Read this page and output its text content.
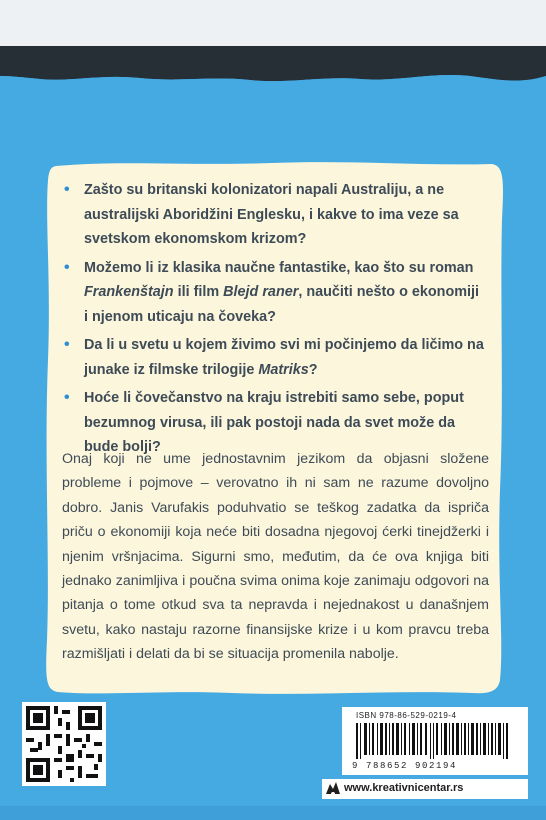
• Zašto su britanski kolonizatori napali Australiju, a ne australijski Aboridžini Englesku, i kakve to ima veze sa svetskom ekonomskom krizom?
• Možemo li iz klasika naučne fantastike, kao što su roman Frankenštajn ili film Blejd raner, naučiti nešto o ekonomiji i njenom uticaju na čoveka?
• Da li u svetu u kojem živimo svi mi počinjemo da ličimo na junake iz filmske trilogije Matriks?
• Hoće li čovečanstvo na kraju istrebiti samo sebe, poput bezumnog virusa, ili pak postoji nada da svet može da bude bolji?

Onaj koji ne ume jednostavnim jezikom da objasni složene probleme i pojmove – verovatno ih ni sam ne razume dovoljno dobro. Janis Varufakis poduhvatio se teškog zadatka da ispriča priču o ekonomiji koja neće biti dosadna njegovoj ćerki tinejdžerki i njenim vršnjacima. Sigurni smo, međutim, da će ova knjiga biti jednako zanimljiva i poučna svima onima koje zanimaju odgovori na pitanja o tome otkud sva ta nepravda i nejednakost u današnjem svetu, kako nastaju razorne finansijske krize i u kom pravcu treba razmišljati i delati da bi se situacija promenila nabolje.

ISBN 978-86-529-0219-4
9 788652 902194
www.kreativnicentar.rs
